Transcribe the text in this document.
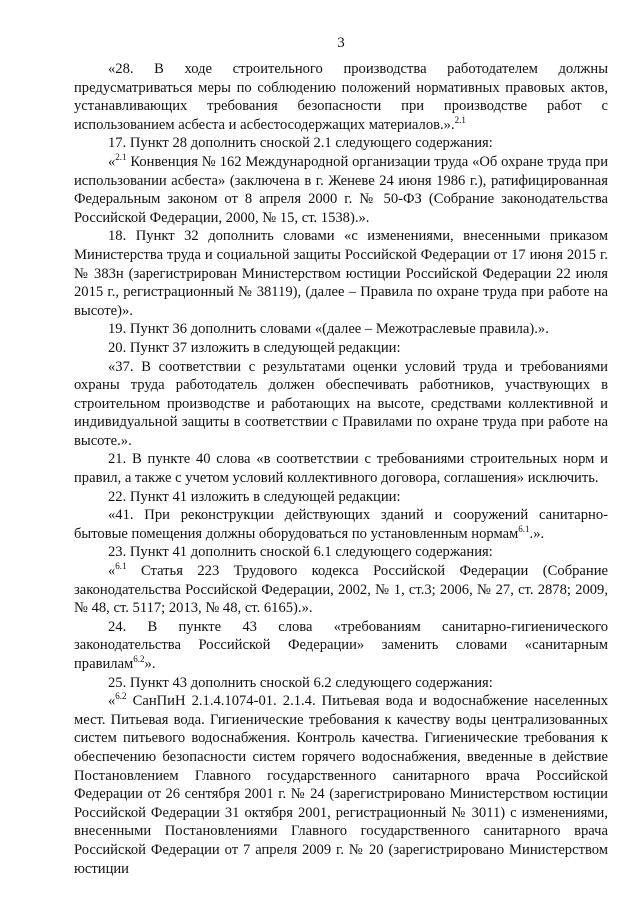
3

«28. В ходе строительного производства работодателем должны предусматриваться меры по соблюдению положений нормативных правовых актов, устанавливающих требования безопасности при производстве работ с использованием асбеста и асбестосодержащих материалов.».$^{2.1}$

17. Пункт 28 дополнить сноской 2.1 следующего содержания:

«$^{2.1}$ Конвенция № 162 Международной организации труда «Об охране труда при использовании асбеста» (заключена в г. Женеве 24 июня 1986 г.), ратифицированная Федеральным законом от 8 апреля 2000 г. № 50-ФЗ (Собрание законодательства Российской Федерации, 2000, № 15, ст. 1538).».

18. Пункт 32 дополнить словами «с изменениями, внесенными приказом Министерства труда и социальной защиты Российской Федерации от 17 июня 2015 г. № 383н (зарегистрирован Министерством юстиции Российской Федерации 22 июля 2015 г., регистрационный № 38119), (далее – Правила по охране труда при работе на высоте)».

19. Пункт 36 дополнить словами «(далее – Межотраслевые правила).».

20. Пункт 37 изложить в следующей редакции:

«37. В соответствии с результатами оценки условий труда и требованиями охраны труда работодатель должен обеспечивать работников, участвующих в строительном производстве и работающих на высоте, средствами коллективной и индивидуальной защиты в соответствии с Правилами по охране труда при работе на высоте.».

21. В пункте 40 слова «в соответствии с требованиями строительных норм и правил, а также с учетом условий коллективного договора, соглашения» исключить.

22. Пункт 41 изложить в следующей редакции:

«41. При реконструкции действующих зданий и сооружений санитарно-бытовые помещения должны оборудоваться по установленным нормам$^{6.1}$.».

23. Пункт 41 дополнить сноской 6.1 следующего содержания:

«$^{6.1}$ Статья 223 Трудового кодекса Российской Федерации (Собрание законодательства Российской Федерации, 2002, № 1, ст.3; 2006, № 27, ст. 2878; 2009, № 48, ст. 5117; 2013, № 48, ст. 6165).».

24. В пункте 43 слова «требованиям санитарно-гигиенического законодательства Российской Федерации» заменить словами «санитарным правилам$^{6.2}$».

25. Пункт 43 дополнить сноской 6.2 следующего содержания:

«$^{6.2}$ СанПиН 2.1.4.1074-01. 2.1.4. Питьевая вода и водоснабжение населенных мест. Питьевая вода. Гигиенические требования к качеству воды централизованных систем питьевого водоснабжения. Контроль качества. Гигиенические требования к обеспечению безопасности систем горячего водоснабжения, введенные в действие Постановлением Главного государственного санитарного врача Российской Федерации от 26 сентября 2001 г. № 24 (зарегистрировано Министерством юстиции Российской Федерации 31 октября 2001, регистрационный № 3011) с изменениями, внесенными Постановлениями Главного государственного санитарного врача Российской Федерации от 7 апреля 2009 г. № 20 (зарегистрировано Министерством юстиции
